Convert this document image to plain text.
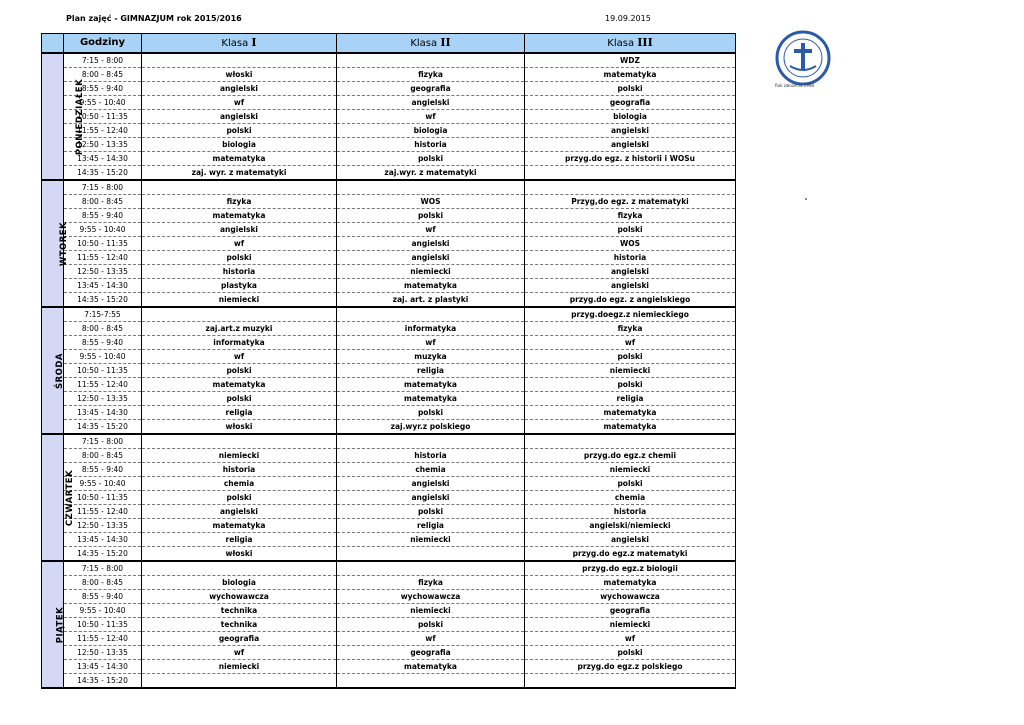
Plan zajęć - GIMNAZJUM rok 2015/2016	19.09.2015
	Godziny	Klasa I	Klasa II	Klasa III
PONIEDZIAŁEK	7:15 - 8:00			WDZ
	8:00 - 8:45	włoski	fizyka	matematyka
	8:55 - 9:40	angielski	geografia	polski
	9:55 - 10:40	wf	angielski	geografia
	10:50 - 11:35	angielski	wf	biologia
	11:55 - 12:40	polski	biologia	angielski
	12:50 - 13:35	biologia	historia	angielski
	13:45 - 14:30	matematyka	polski	przyg.do egz. z historii i WOSu
	14:35 - 15:20	zaj. wyr. z matematyki	zaj.wyr. z matematyki	
WTOREK	7:15 - 8:00			
	8:00 - 8:45	fizyka	WOS	Przyg,do egz. z matematyki
	8:55 - 9:40	matematyka	polski	fizyka
	9:55 - 10:40	angielski	wf	polski
	10:50 - 11:35	wf	angielski	WOS
	11:55 - 12:40	polski	angielski	historia
	12:50 - 13:35	historia	niemiecki	angielski
	13:45 - 14:30	plastyka	matematyka	angielski
	14:35 - 15:20	niemiecki	zaj. art. z plastyki	przyg.do egz. z angielskiego
ŚRODA	7:15-7:55			przyg.doegz.z niemieckiego
	8:00 - 8:45	zaj.art.z muzyki	informatyka	fizyka
	8:55 - 9:40	informatyka	wf	wf
	9:55 - 10:40	wf	muzyka	polski
	10:50 - 11:35	polski	religia	niemiecki
	11:55 - 12:40	matematyka	matematyka	polski
	12:50 - 13:35	polski	matematyka	religia
	13:45 - 14:30	religia	polski	matematyka
	14:35 - 15:20	włoski	zaj.wyr.z polskiego	matematyka
CZWARTEK	7:15 - 8:00			
	8:00 - 8:45	niemiecki	historia	przyg.do egz.z chemii
	8:55 - 9:40	historia	chemia	niemiecki
	9:55 - 10:40	chemia	angielski	polski
	10:50 - 11:35	polski	angielski	chemia
	11:55 - 12:40	angielski	polski	historia
	12:50 - 13:35	matematyka	religia	angielski/niemiecki
	13:45 - 14:30	religia	niemiecki	angielski
	14:35 - 15:20	włoski		przyg.do egz.z matematyki
PIĄTEK	7:15 - 8:00			przyg.do egz.z biologii
	8:00 - 8:45	biologia	fizyka	matematyka
	8:55 - 9:40	wychowawcza	wychowawcza	wychowawcza
	9:55 - 10:40	technika	niemiecki	geografia
	10:50 - 11:35	technika	polski	niemiecki
	11:55 - 12:40	geografia	wf	wf
	12:50 - 13:35	wf	geografia	polski
	13:45 - 14:30	niemiecki	matematyka	przyg.do egz.z polskiego
	14:35 - 15:20			
Ruk założenia 1998
